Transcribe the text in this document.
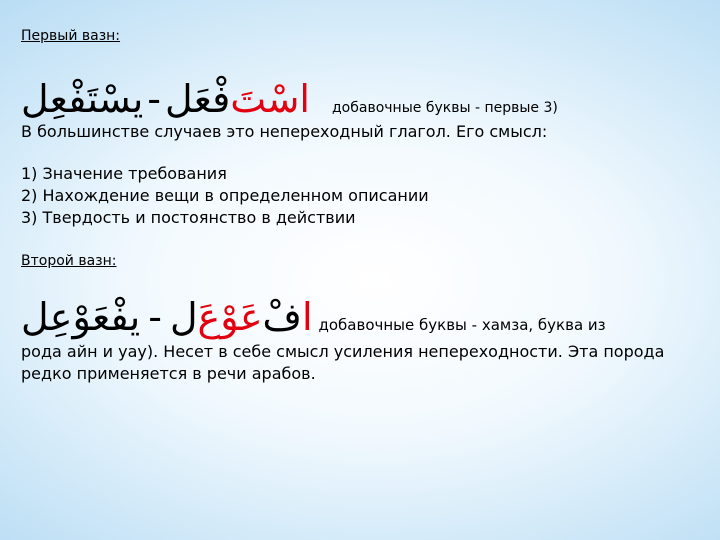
Первый вазн:
يسْتَفْعِل - فْعَل اسْتَ добавочные буквы - первые 3)
В большинстве случаев это непереходный глагол. Его смысл:
1) Значение требования
2) Нахождение вещи в определенном описании
3) Твердость и постоянство в действии
Второй вазн:
يفْعَوْعِل - ل عَوْعَ فْ ا добавочные буквы - хамза, буква из
рода айн и уау). Несет в себе смысл усиления непереходности. Эта порода редко применяется в речи арабов.
